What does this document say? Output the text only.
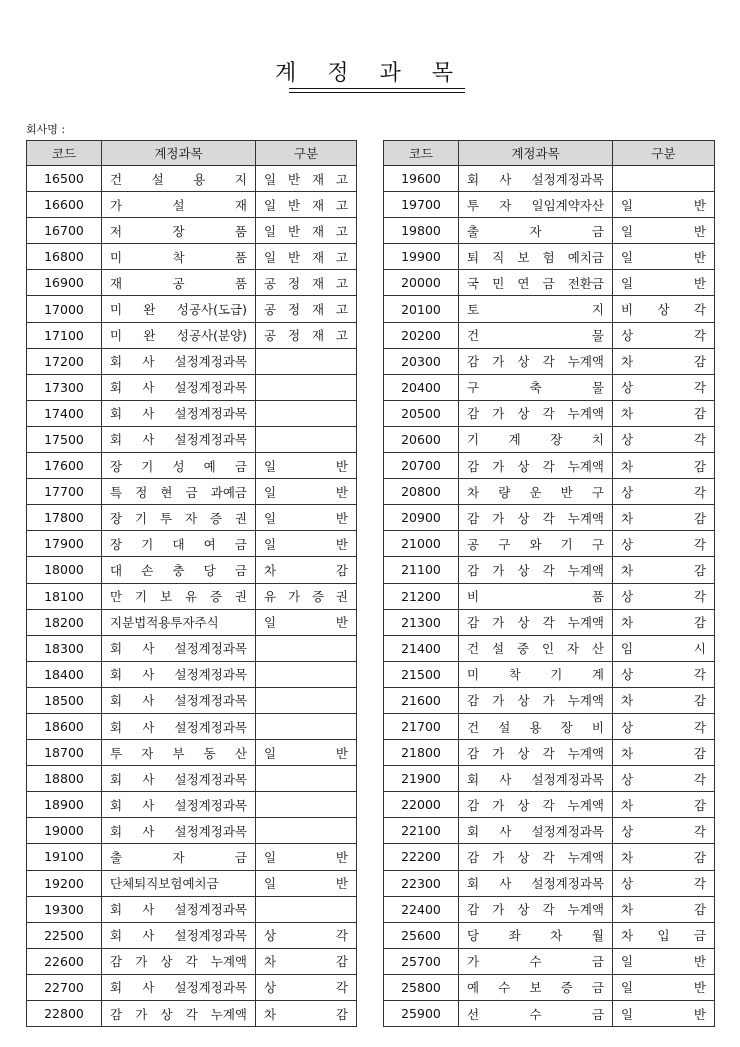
계 정 과 목
회사명 :
코드	계정과목	구분
16500	건 설 용 지	일 반 재 고
16600	가 설 재	일 반 재 고
16700	저 장 품	일 반 재 고
16800	미 착 품	일 반 재 고
16900	재 공 품	공 정 재 고
17000	미 완 성공사(도급)	공 정 재 고
17100	미 완 성공사(분양)	공 정 재 고
17200	회 사 설정계정과목	
17300	회 사 설정계정과목	
17400	회 사 설정계정과목	
17500	회 사 설정계정과목	
17600	장 기 성 예 금	일 반
17700	특 정 현 금 과예금	일 반
17800	장 기 투 자 증 권	일 반
17900	장 기 대 여 금	일 반
18000	대 손 충 당 금	차 감
18100	만 기 보 유 증 권	유 가 증 권
18200	지분법적용투자주식	일 반
18300	회 사 설정계정과목	
18400	회 사 설정계정과목	
18500	회 사 설정계정과목	
18600	회 사 설정계정과목	
18700	투 자 부 동 산	일 반
18800	회 사 설정계정과목	
18900	회 사 설정계정과목	
19000	회 사 설정계정과목	
19100	출 자 금	일 반
19200	단체퇴직보험예치금	일 반
19300	회 사 설정계정과목	
22500	회 사 설정계정과목	상 각
22600	감 가 상 각 누계액	차 감
22700	회 사 설정계정과목	상 각
22800	감 가 상 각 누계액	차 감
코드	계정과목	구분
19600	회 사 설정계정과목	
19700	투 자 일임계약자산	일 반
19800	출 자 금	일 반
19900	퇴 직 보 험 예치금	일 반
20000	국 민 연 금 전환금	일 반
20100	토 지	비 상 각
20200	건 물	상 각
20300	감 가 상 각 누계액	차 감
20400	구 축 물	상 각
20500	감 가 상 각 누계액	차 감
20600	기 계 장 치	상 각
20700	감 가 상 각 누계액	차 감
20800	차 량 운 반 구	상 각
20900	감 가 상 각 누계액	차 감
21000	공 구 와 기 구	상 각
21100	감 가 상 각 누계액	차 감
21200	비 품	상 각
21300	감 가 상 각 누계액	차 감
21400	건 설 중 인 자 산	임 시
21500	미 착 기 계	상 각
21600	감 가 상 가 누계액	차 감
21700	건 설 용 장 비	상 각
21800	감 가 상 각 누계액	차 감
21900	회 사 설정계정과목	상 각
22000	감 가 상 각 누계액	차 감
22100	회 사 설정계정과목	상 각
22200	감 가 상 각 누계액	차 감
22300	회 사 설정계정과목	상 각
22400	감 가 상 각 누계액	차 감
25600	당 좌 차 월	차 입 금
25700	가 수 금	일 반
25800	예 수 보 증 금	일 반
25900	선 수 금	일 반
